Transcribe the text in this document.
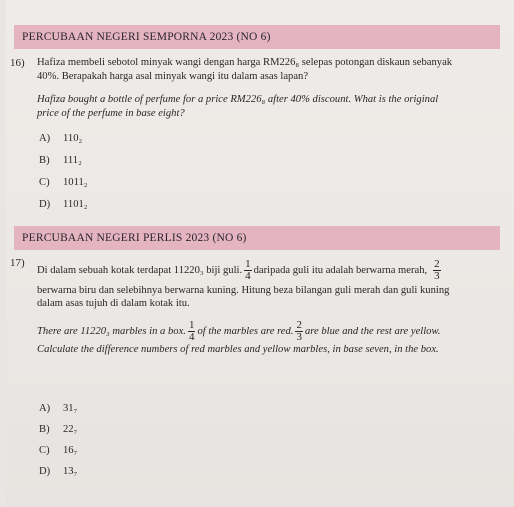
PERCUBAAN NEGERI SEMPORNA 2023 (NO 6)
16) Hafiza membeli sebotol minyak wangi dengan harga RM226₈ selepas potongan diskaun sebanyak
40%. Berapakah harga asal minyak wangi itu dalam asas lapan?
Hafiza bought a bottle of perfume for a price RM226₈ after 40% discount. What is the original
price of the perfume in base eight?
A) 110₂
B) 111₂
C) 1011₂
D) 1101₂
PERCUBAAN NEGERI PERLIS 2023 (NO 6)
17)
Di dalam sebuah kotak terdapat 11220₃ biji guli. $\frac{1}{4}$ daripada guli itu adalah berwarna merah, $\frac{2}{3}$
berwarna biru dan selebihnya berwarna kuning. Hitung beza bilangan guli merah dan guli kuning
dalam asas tujuh di dalam kotak itu.
There are 11220₃ marbles in a box. $\frac{1}{4}$ of the marbles are red. $\frac{2}{3}$ are blue and the rest are yellow.
Calculate the difference numbers of red marbles and yellow marbles, in base seven, in the box.
A) 31₇
B) 22₇
C) 16₇
D) 13₇
